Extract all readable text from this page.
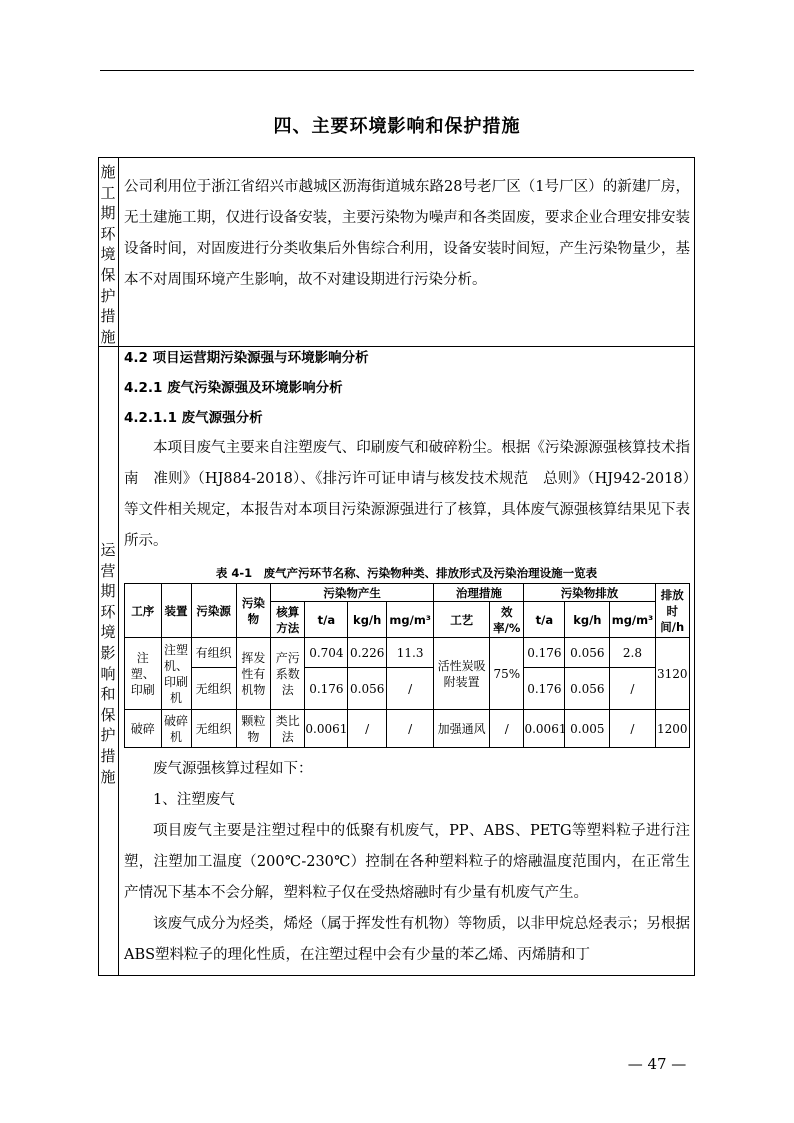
四、主要环境影响和保护措施
施工期环境保护措施
公司利用位于浙江省绍兴市越城区沥海街道城东路28号老厂区（1号厂区）的新建厂房，无土建施工期，仅进行设备安装，主要污染物为噪声和各类固废，要求企业合理安排安装设备时间，对固废进行分类收集后外售综合利用，设备安装时间短，产生污染物量少，基本不对周围环境产生影响，故不对建设期进行污染分析。
运营期环境影响和保护措施
4.2 项目运营期污染源强与环境影响分析
4.2.1 废气污染源强及环境影响分析
4.2.1.1 废气源强分析
本项目废气主要来自注塑废气、印刷废气和破碎粉尘。根据《污染源源强核算技术指南　准则》（HJ884-2018）、《排污许可证申请与核发技术规范　总则》（HJ942-2018）等文件相关规定，本报告对本项目污染源源强进行了核算，具体废气源强核算结果见下表所示。
表 4-1　废气产污环节名称、污染物种类、排放形式及污染治理设施一览表
工序	装置	污染源	污染物	污染物产生				治理措施		污染物排放			排放时间/h
				核算方法	t/a	kg/h	mg/m³	工艺	效率/%	t/a	kg/h	mg/m³	
注塑、印刷	注塑机、印刷机	有组织	挥发性有机物	产污系数法	0.704	0.226	11.3	活性炭吸附装置	75%	0.176	0.056	2.8	3120
		无组织			0.176	0.056	/			0.176	0.056	/	
破碎	破碎机	无组织	颗粒物	类比法	0.0061	/	/	加强通风	/	0.0061	0.005	/	1200
废气源强核算过程如下：
1、注塑废气
项目废气主要是注塑过程中的低聚有机废气，PP、ABS、PETG等塑料粒子进行注塑，注塑加工温度（200℃-230℃）控制在各种塑料粒子的熔融温度范围内，在正常生产情况下基本不会分解，塑料粒子仅在受热熔融时有少量有机废气产生。
该废气成分为烃类，烯烃（属于挥发性有机物）等物质，以非甲烷总烃表示；另根据ABS塑料粒子的理化性质，在注塑过程中会有少量的苯乙烯、丙烯腈和丁
— 47 —
